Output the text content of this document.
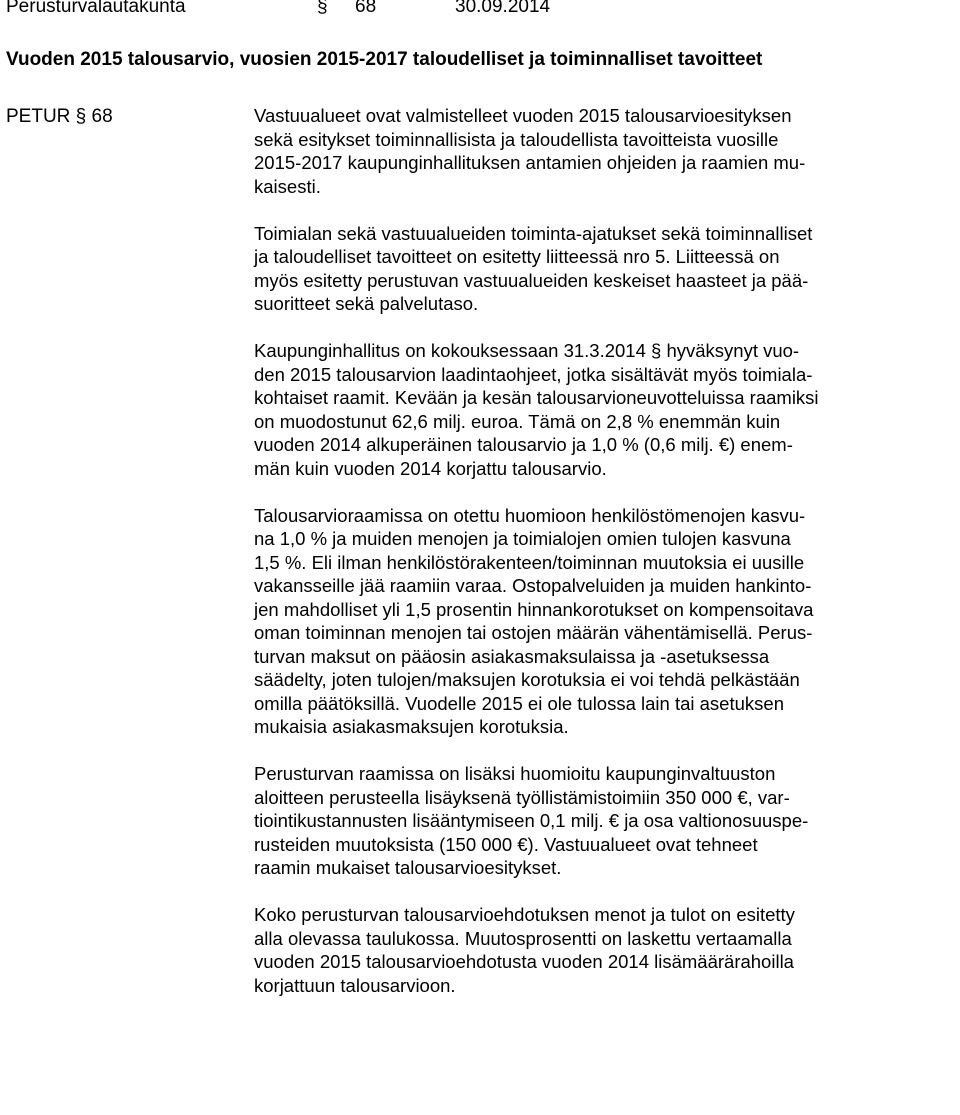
Perusturvalautakunta	§ 68	30.09.2014
Vuoden 2015 talousarvio, vuosien 2015-2017 taloudelliset ja toiminnalliset tavoitteet
PETUR § 68	Vastuualueet ovat valmistelleet vuoden 2015 talousarvioesityksen
sekä esitykset toiminnallisista ja taloudellista tavoitteista vuosille
2015-2017 kaupunginhallituksen antamien ohjeiden ja raamien mu-
kaisesti.
Toimialan sekä vastuualueiden toiminta-ajatukset sekä toiminnalliset
ja taloudelliset tavoitteet on esitetty liitteessä nro 5. Liitteessä on
myös esitetty perustuvan vastuualueiden keskeiset haasteet ja pää-
suoritteet sekä palvelutaso.
Kaupunginhallitus on kokouksessaan 31.3.2014 § hyväksynyt vuo-
den 2015 talousarvion laadintaohjeet, jotka sisältävät myös toimiala-
kohtaiset raamit. Kevään ja kesän talousarvioneuvotteluissa raamiksi
on muodostunut 62,6 milj. euroa. Tämä on 2,8 % enemmän kuin
vuoden 2014 alkuperäinen talousarvio ja 1,0 % (0,6 milj. €) enem-
män kuin vuoden 2014 korjattu talousarvio.
Talousarvioraamissa on otettu huomioon henkilöstömenojen kasvu-
na 1,0 % ja muiden menojen ja toimialojen omien tulojen kasvuna
1,5 %. Eli ilman henkilöstörakenteen/toiminnan muutoksia ei uusille
vakansseille jää raamiin varaa. Ostopalveluiden ja muiden hankinto-
jen mahdolliset yli 1,5 prosentin hinnankorotukset on kompensoitava
oman toiminnan menojen tai ostojen määrän vähentämisellä. Perus-
turvan maksut on pääosin asiakasmaksulaissa ja -asetuksessa
säädelty, joten tulojen/maksujen korotuksia ei voi tehdä pelkästään
omilla päätöksillä. Vuodelle 2015 ei ole tulossa lain tai asetuksen
mukaisia asiakasmaksujen korotuksia.
Perusturvan raamissa on lisäksi huomioitu kaupunginvaltuuston
aloitteen perusteella lisäyksenä työllistämistoimiin 350 000 €, var-
tiointikustannusten lisääntymiseen 0,1 milj. € ja osa valtionosuuspe-
rusteiden muutoksista (150 000 €). Vastuualueet ovat tehneet
raamin mukaiset talousarvioesitykset.
Koko perusturvan talousarvioehdotuksen menot ja tulot on esitetty
alla olevassa taulukossa. Muutosprosentti on laskettu vertaamalla
vuoden 2015 talousarvioehdotusta vuoden 2014 lisämäärärahoilla
korjattuun talousarvioon.
